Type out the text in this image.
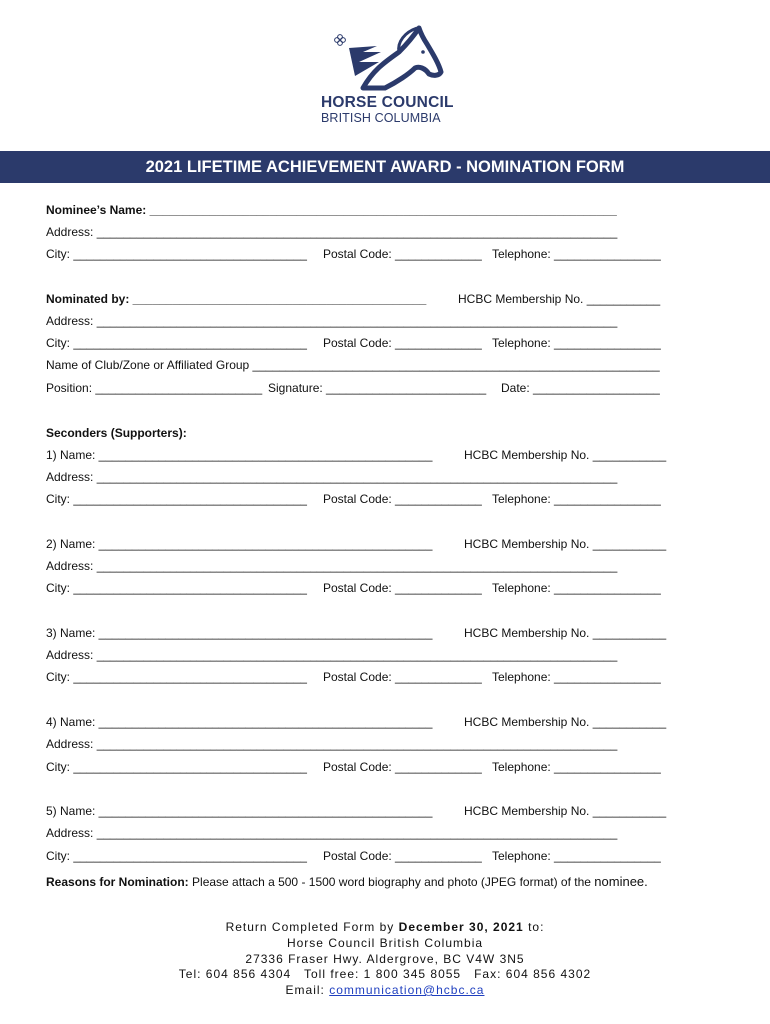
HORSE COUNCIL
BRITISH COLUMBIA
2021 LIFETIME ACHIEVEMENT AWARD - NOMINATION FORM
Nominee’s Name: ______________________________________________________________________
Address: ______________________________________________________________________________
City: ___________________________________ Postal Code: _____________ Telephone: ________________
Nominated by: ____________________________________________	HCBC Membership No. ___________
Address: ______________________________________________________________________________
City: ___________________________________ Postal Code: _____________ Telephone: ________________
Name of Club/Zone or Affiliated Group _____________________________________________________________
Position: _________________________ Signature: ________________________ Date: ___________________
Seconders (Supporters):
1) Name: __________________________________________________	HCBC Membership No. ___________
Address: ______________________________________________________________________________
City: ___________________________________ Postal Code: _____________ Telephone: ________________
2) Name: __________________________________________________	HCBC Membership No. ___________
Address: ______________________________________________________________________________
City: ___________________________________ Postal Code: _____________ Telephone: ________________
3) Name: __________________________________________________	HCBC Membership No. ___________
Address: ______________________________________________________________________________
City: ___________________________________ Postal Code: _____________ Telephone: ________________
4) Name: __________________________________________________	HCBC Membership No. ___________
Address: ______________________________________________________________________________
City: ___________________________________ Postal Code: _____________ Telephone: ________________
5) Name: __________________________________________________	HCBC Membership No. ___________
Address: ______________________________________________________________________________
City: ___________________________________ Postal Code: _____________ Telephone: ________________
Reasons for Nomination: Please attach a 500 - 1500 word biography and photo (JPEG format) of the nominee.
Return Completed Form by December 30, 2021 to:
Horse Council British Columbia
27336 Fraser Hwy. Aldergrove, BC V4W 3N5
Tel: 604 856 4304   Toll free: 1 800 345 8055   Fax: 604 856 4302
Email: communication@hcbc.ca
